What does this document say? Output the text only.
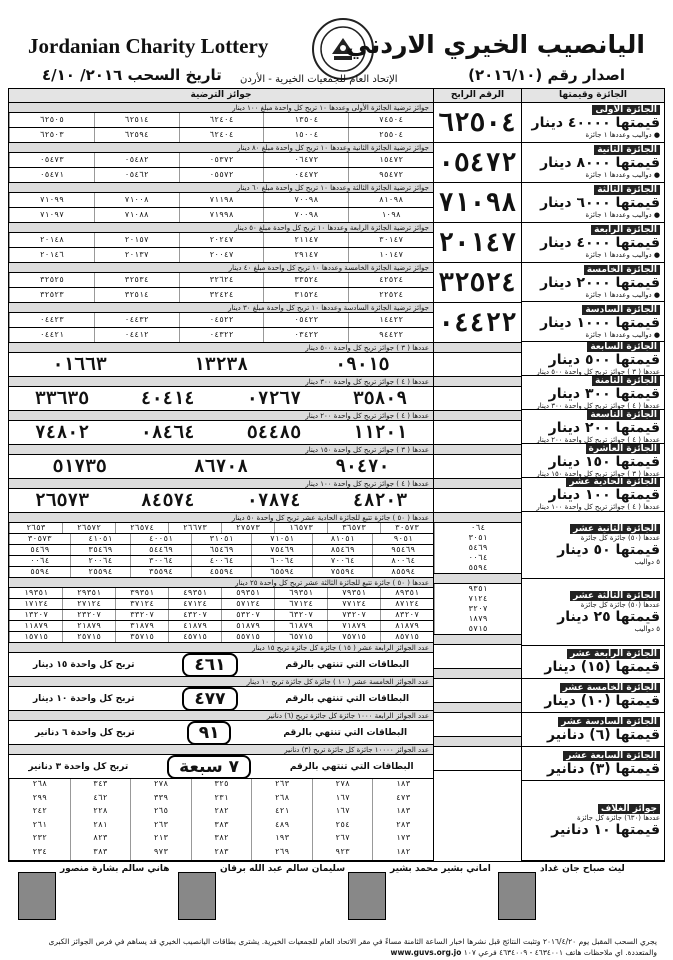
Jordanian Charity Lottery	اليانصيب الخيري الاردني
تاريخ السحب ٢٠١٦/ ٤/١٠ الإتحاد العام للجمعيات الخيرية - الأردن	اصدار رقم (٢٠١٦/١٠)
الجائزة وقيمتها
الجائزة الأولى
قيمتها ٤٠٠٠٠ دينار
● دواليب وعددها ١ جائزة
الجائزة الثانية
قيمتها ٨٠٠٠ دينار
● دواليب وعددها ١ جائزة
الجائزة الثالثة
قيمتها ٦٠٠٠ دينار
● دواليب وعددها ١ جائزة
الجائزة الرابعة
قيمتها ٤٠٠٠ دينار
● دواليب وعددها ١ جائزة
الجائزة الخامسة
قيمتها ٢٠٠٠ دينار
● دواليب وعددها ١ جائزة
الجائزة السادسة
قيمتها ١٠٠٠ دينار
● دواليب وعددها ١ جائزة
الجائزة السابعة
قيمتها ٥٠٠ دينار
عددها ( ٣ ) جوائز تربح كل واحدة ٥٠٠ دينار
الجائزة الثامنة
قيمتها ٣٠٠ دينار
عددها ( ٤ ) جوائز تربح كل واحدة ٣٠٠ دينار
الجائزة التاسعة
قيمتها ٢٠٠ دينار
عددها ( ٤ ) جوائز تربح كل واحدة ٢٠٠ دينار
الجائزة العاشرة
قيمتها ١٥٠ دينار
عددها ( ٣ ) جوائز تربح كل واحدة ١٥٠ دينار
الجائزة الحادية عشر
قيمتها ١٠٠ دينار
عددها ( ٤ ) جوائز تربح كل واحدة ١٠٠ دينار
الجائزة الثانية عشر
عددها (٥٠) جائزة كل جائزة
قيمتها ٥٠ دينار
٥ دواليب
الجائزة الثالثة عشر
عددها (٥٠) جائزة كل جائزة
قيمتها ٢٥ دينار
٥ دواليب
الجائزة الرابعة عشر
قيمتها (١٥) دينار
الجائزة الخامسة عشر
قيمتها (١٠) دينار
الجائزة السادسة عشر
قيمتها (٦) دنانير
الجائزة السابعة عشر
قيمتها (٣) دنانير
جوائز الغلاف
عددها (٦٣٠) جائزة كل جائزة
قيمتها ١٠ دنانير
الرقم الرابح
٦٢٥٠٤
٠٥٤٧٢
٧١٠٩٨
٢٠١٤٧
٣٢٥٢٤
٠٤٤٢٢
٠٦٤
٣٠٥١
٥٤٦٩
٠٠٦٤
٥٥٩٤
٩٣٥١
٧١٢٤
٣٢٠٧
١٨٧٩
٥٧١٥
جوائز الترضية
جوائز ترضية الجائزة الأولى وعددها ١٠ تربح كل واحدة مبلغ ١٠٠ دينار
٦٢٥٠٥	٦٢٥١٤	٦٢٤٠٤	١٣٥٠٤	٧٤٥٠٤
٦٢٥٠٣	٦٢٥٩٤	٦٢٤٠٤	١٥٠٠٤	٢٥٥٠٤
جوائز ترضية الجائزة الثانية وعددها ١٠ تربح كل واحدة مبلغ ٨٠ دينار
٠٥٤٧٣	٠٥٤٨٢	٠٥٣٧٢	٠٦٤٧٢	١٥٤٧٢
٠٥٤٧١	٠٥٤٦٢	٠٥٥٧٢	٠٤٤٧٢	٩٥٤٧٢
جوائز ترضية الجائزة الثالثة وعددها ١٠ تربح كل واحدة مبلغ ٦٠ دينار
٧١٠٩٩	٧١٠٠٨	٧١١٩٨	٧٠٠٩٨	٨١٠٩٨
٧١٠٩٧	٧١٠٨٨	٧١٩٩٨	٧٠٠٩٨	١٠٩٨
جوائز ترضية الجائزة الرابعة وعددها ١٠ تربح كل واحدة مبلغ ٥٠ دينار
٢٠١٤٨	٢٠١٥٧	٢٠٢٤٧	٢١١٤٧	٣٠١٤٧
٢٠١٤٦	٢٠١٣٧	٢٠٠٤٧	٢٩١٤٧	١٠١٤٧
جوائز ترضية الجائزة الخامسة وعددها ١٠ تربح كل واحدة مبلغ ٤٠ دينار
٣٢٥٢٥	٣٢٥٣٤	٣٢٦٢٤	٣٣٥٢٤	٤٢٥٢٤
٣٢٥٢٣	٣٢٥١٤	٣٢٤٢٤	٣١٥٢٤	٢٢٥٢٤
جوائز ترضية الجائزة السادسة وعددها ١٠ تربح كل واحدة مبلغ ٣٠ دينار
٠٤٤٢٣	٠٤٤٣٢	٠٤٥٢٢	٠٥٤٢٢	١٤٤٢٢
٠٤٤٢١	٠٤٤١٢	٠٤٣٢٢	٠٣٤٢٢	٩٤٤٢٢
عددها ( ٣ ) جوائز تربح كل واحدة ٥٠٠ دينار
٠١٦٦٣	١٣٢٣٨	٠٩٠١٥
عددها ( ٤ ) جوائز تربح كل واحدة ٣٠٠ دينار
٣٣٦٣٥	٤٠٤١٤	٠٧٢٦٧	٣٥٨٠٩
عددها ( ٤ ) جوائز تربح كل واحدة ٢٠٠ دينار
٧٤٨٠٢	٠٨٤٦٤	٥٤٤٨٥	١١٢٠١
عددها ( ٣ ) جوائز تربح كل واحدة ١٥٠ دينار
٥١٧٣٥	٨٦٧٠٨	٩٠٤٧٠
عددها ( ٤ ) جوائز تربح كل واحدة ١٠٠ دينار
٢٦٥٧٣	٨٤٥٧٤	٠٧٨٧٤	٤٨٢٠٣
عددها ( ٥٠ ) جائزة تتبع للجائزة الحادية عشر تربح كل واحدة ٥٠ دينار
٢٦٥٣	٢٦٥٧٢	٢٦٥٧٤	٢٦٦٧٣	٢٧٥٧٣	١٦٥٧٣	٣٦٥٧٣	٣٠٥٧٣
٣٠٥٧٣	٤١٠٥١	٤٠٠٥١	٣١٠٥١	٧١٠٥١	٨١٠٥١	٩٠٥١
٥٤٦٩	٣٥٤٦٩	٥٤٤٦٩	٦٥٤٦٩	٧٥٤٦٩	٨٥٤٦٩	٩٥٤٦٩
٠٠٦٤	٢٠٠٦٤	٣٠٠٦٤	٤٠٠٦٤	٦٠٠٦٤	٧٠٠٦٤	٨٠٠٦٤
٥٥٩٤	٢٥٥٩٤	٣٥٥٩٤	٤٥٥٩٤	٦٥٥٩٤	٧٥٥٩٤	٨٥٥٩٤
عددها ( ٥٠ ) جائزة تتبع للجائزة الثالثة عشر تربح كل واحدة ٢٥ دينار
١٩٣٥١	٢٩٣٥١	٣٩٣٥١	٤٩٣٥١	٥٩٣٥١	٦٩٣٥١	٧٩٣٥١	٨٩٣٥١
١٧١٢٤	٢٧١٢٤	٣٧١٢٤	٤٧١٢٤	٥٧١٢٤	٦٧١٢٤	٧٧١٢٤	٨٧١٢٤
١٣٢٠٧	٢٣٢٠٧	٣٣٢٠٧	٤٣٢٠٧	٥٣٢٠٧	٦٣٢٠٧	٧٣٢٠٧	٨٣٢٠٧
١١٨٧٩	٢١٨٧٩	٣١٨٧٩	٤١٨٧٩	٥١٨٧٩	٦١٨٧٩	٧١٨٧٩	٨١٨٧٩
١٥٧١٥	٢٥٧١٥	٣٥٧١٥	٤٥٧١٥	٥٥٧١٥	٦٥٧١٥	٧٥٧١٥	٨٥٧١٥
عدد الجوائز الرابعة عشر ( ١٥ ) جائزة كل جائزة تربح ١٥ دينار
البطاقات التي تنتهي بالرقم
٤٦١
تربح كل واحدة ١٥ دينار
عدد الجوائز الخامسة عشر ( ١٠ ) جائزة كل جائزة تربح ١٠ دينار
البطاقات التي تنتهي بالرقم
٤٧٧
تربح كل واحدة ١٠ دينار
عدد الجوائز الرابعة ١٠٠٠ جائزة كل جائزة تربح (٦) دنانير
البطاقات التي تنتهي بالرقم
٩١
تربح كل واحدة ٦ دنانير
عدد الجوائز ١٠٠٠٠ جائزة كل جائزة تربح (٣) دنانير
البطاقات التي تنتهي بالرقم
٧ سبعة
تربح كل واحدة ٣ دنانير
٢٦٨	٣٤٣	٢٧٨	٣٢٥	٢٦٣	٢٧٨	١٨٣
٢٩٩	٤٦٢	٣٣٩	٢٣١	٢٦٨	١٦٧	٤٧٣
٢٤٢	٢٢٨	٢٦٥	٢٨٢	٤٢١	١٦٧	١٨٣
٢٦١	٢٨١	٢٦٣	٣٨٣	٤٨٩	٢٥٤	٢٨٣
٢٣٢	٨٢٣	٢١٣	٣٨٢	١٩٣	٢٦٧	١٧٣
٢٣٤	٣٨٣	٩٧٣	٢٨٣	٢٦٩	٩٢٣	١٨٢
ليث صباح جان غداد
اماني بشير محمد بشير
سليمان سالم عبد الله برقان
هاني سالم بشارة منصور
يجري السحب المقبل يوم ٢٠١٦/٤/٢٠ وتثبت النتائج قبل نشرها اخبار الساعة الثامنة مساءً في مقر الاتحاد العام للجمعيات الخيرية. يشترى بطاقات اليانصيب الخيري قد يساهم في فرص الجوائز الكبرى والمتعددة. اي ملاحظات هاتف ٤٦٣٤٠٠١ - ٤٦٣٤٠٠٩ فرعي ١٠٧ www.guvs.org.jo
